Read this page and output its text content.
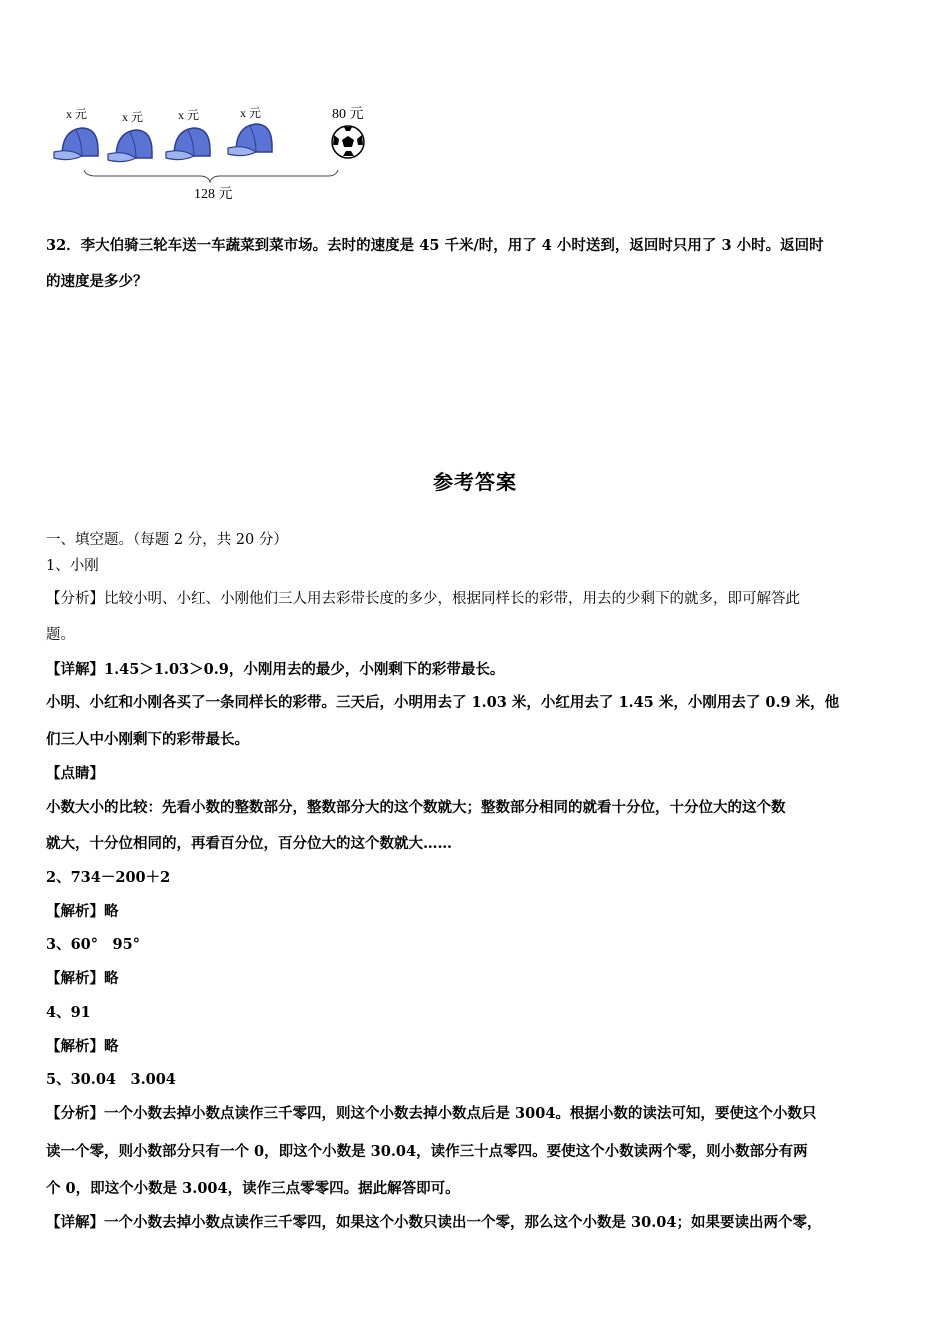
x 元	x 元	x 元	x 元	80 元
128 元
32．李大伯骑三轮车送一车蔬菜到菜市场。去时的速度是 45 千米/时，用了 4 小时送到，返回时只用了 3 小时。返回时
的速度是多少？
参考答案
一、填空题。（每题 2 分，共 20 分）
1、小刚
【分析】比较小明、小红、小刚他们三人用去彩带长度的多少，根据同样长的彩带，用去的少剩下的就多，即可解答此
题。
【详解】1.45＞1.03＞0.9，小刚用去的最少，小刚剩下的彩带最长。
小明、小红和小刚各买了一条同样长的彩带。三天后，小明用去了 1.03 米，小红用去了 1.45 米，小刚用去了 0.9 米，他
们三人中小刚剩下的彩带最长。
【点睛】
小数大小的比较：先看小数的整数部分，整数部分大的这个数就大；整数部分相同的就看十分位，十分位大的这个数
就大，十分位相同的，再看百分位，百分位大的这个数就大……
2、734－200＋2
【解析】略
3、60°　95°
【解析】略
4、91
【解析】略
5、30.04　3.004
【分析】一个小数去掉小数点读作三千零四，则这个小数去掉小数点后是 3004。根据小数的读法可知，要使这个小数只
读一个零，则小数部分只有一个 0，即这个小数是 30.04，读作三十点零四。要使这个小数读两个零，则小数部分有两
个 0，即这个小数是 3.004，读作三点零零四。据此解答即可。
【详解】一个小数去掉小数点读作三千零四，如果这个小数只读出一个零，那么这个小数是 30.04；如果要读出两个零，
